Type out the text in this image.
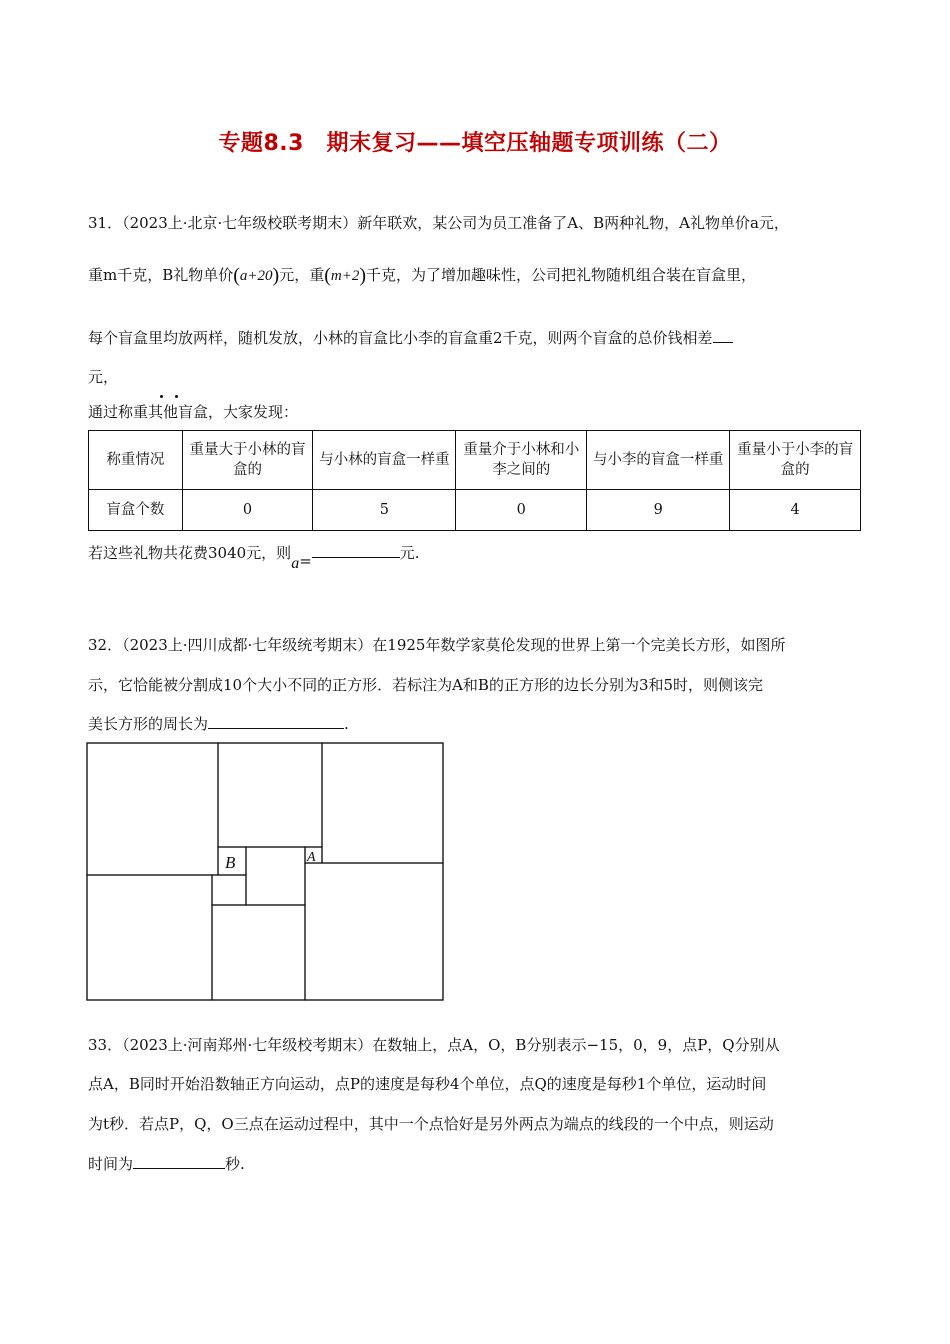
专题8.3　期末复习——填空压轴题专项训练（二）
31．（2023上·北京·七年级校联考期末）新年联欢，某公司为员工准备了A、B两种礼物，A礼物单价a元，
重m千克，B礼物单价(a+20)元，重(m+2)千克，为了增加趣味性，公司把礼物随机组合装在盲盒里，
每个盲盒里均放两样，随机发放，小林的盲盒比小李的盲盒重2千克，则两个盲盒的总价钱相差
元，
通过称重其他盲盒，大家发现：
称重情况	重量大于小林的盲盒的	与小林的盲盒一样重	重量介于小林和小李之间的	与小李的盲盒一样重	重量小于小李的盲盒的
盲盒个数	0	5	0	9	4
若这些礼物共花费3040元，则a=	元.
32．（2023上·四川成都·七年级统考期末）在1925年数学家莫伦发现的世界上第一个完美长方形，如图所
示，它恰能被分割成10个大小不同的正方形．若标注为A和B的正方形的边长分别为3和5时，则侧该完
美长方形的周长为	.
B	A
33．（2023上·河南郑州·七年级校考期末）在数轴上，点A，O，B分别表示−15，0，9，点P，Q分别从
点A，B同时开始沿数轴正方向运动，点P的速度是每秒4个单位，点Q的速度是每秒1个单位，运动时间
为t秒．若点P，Q，O三点在运动过程中，其中一个点恰好是另外两点为端点的线段的一个中点，则运动
时间为	秒.
